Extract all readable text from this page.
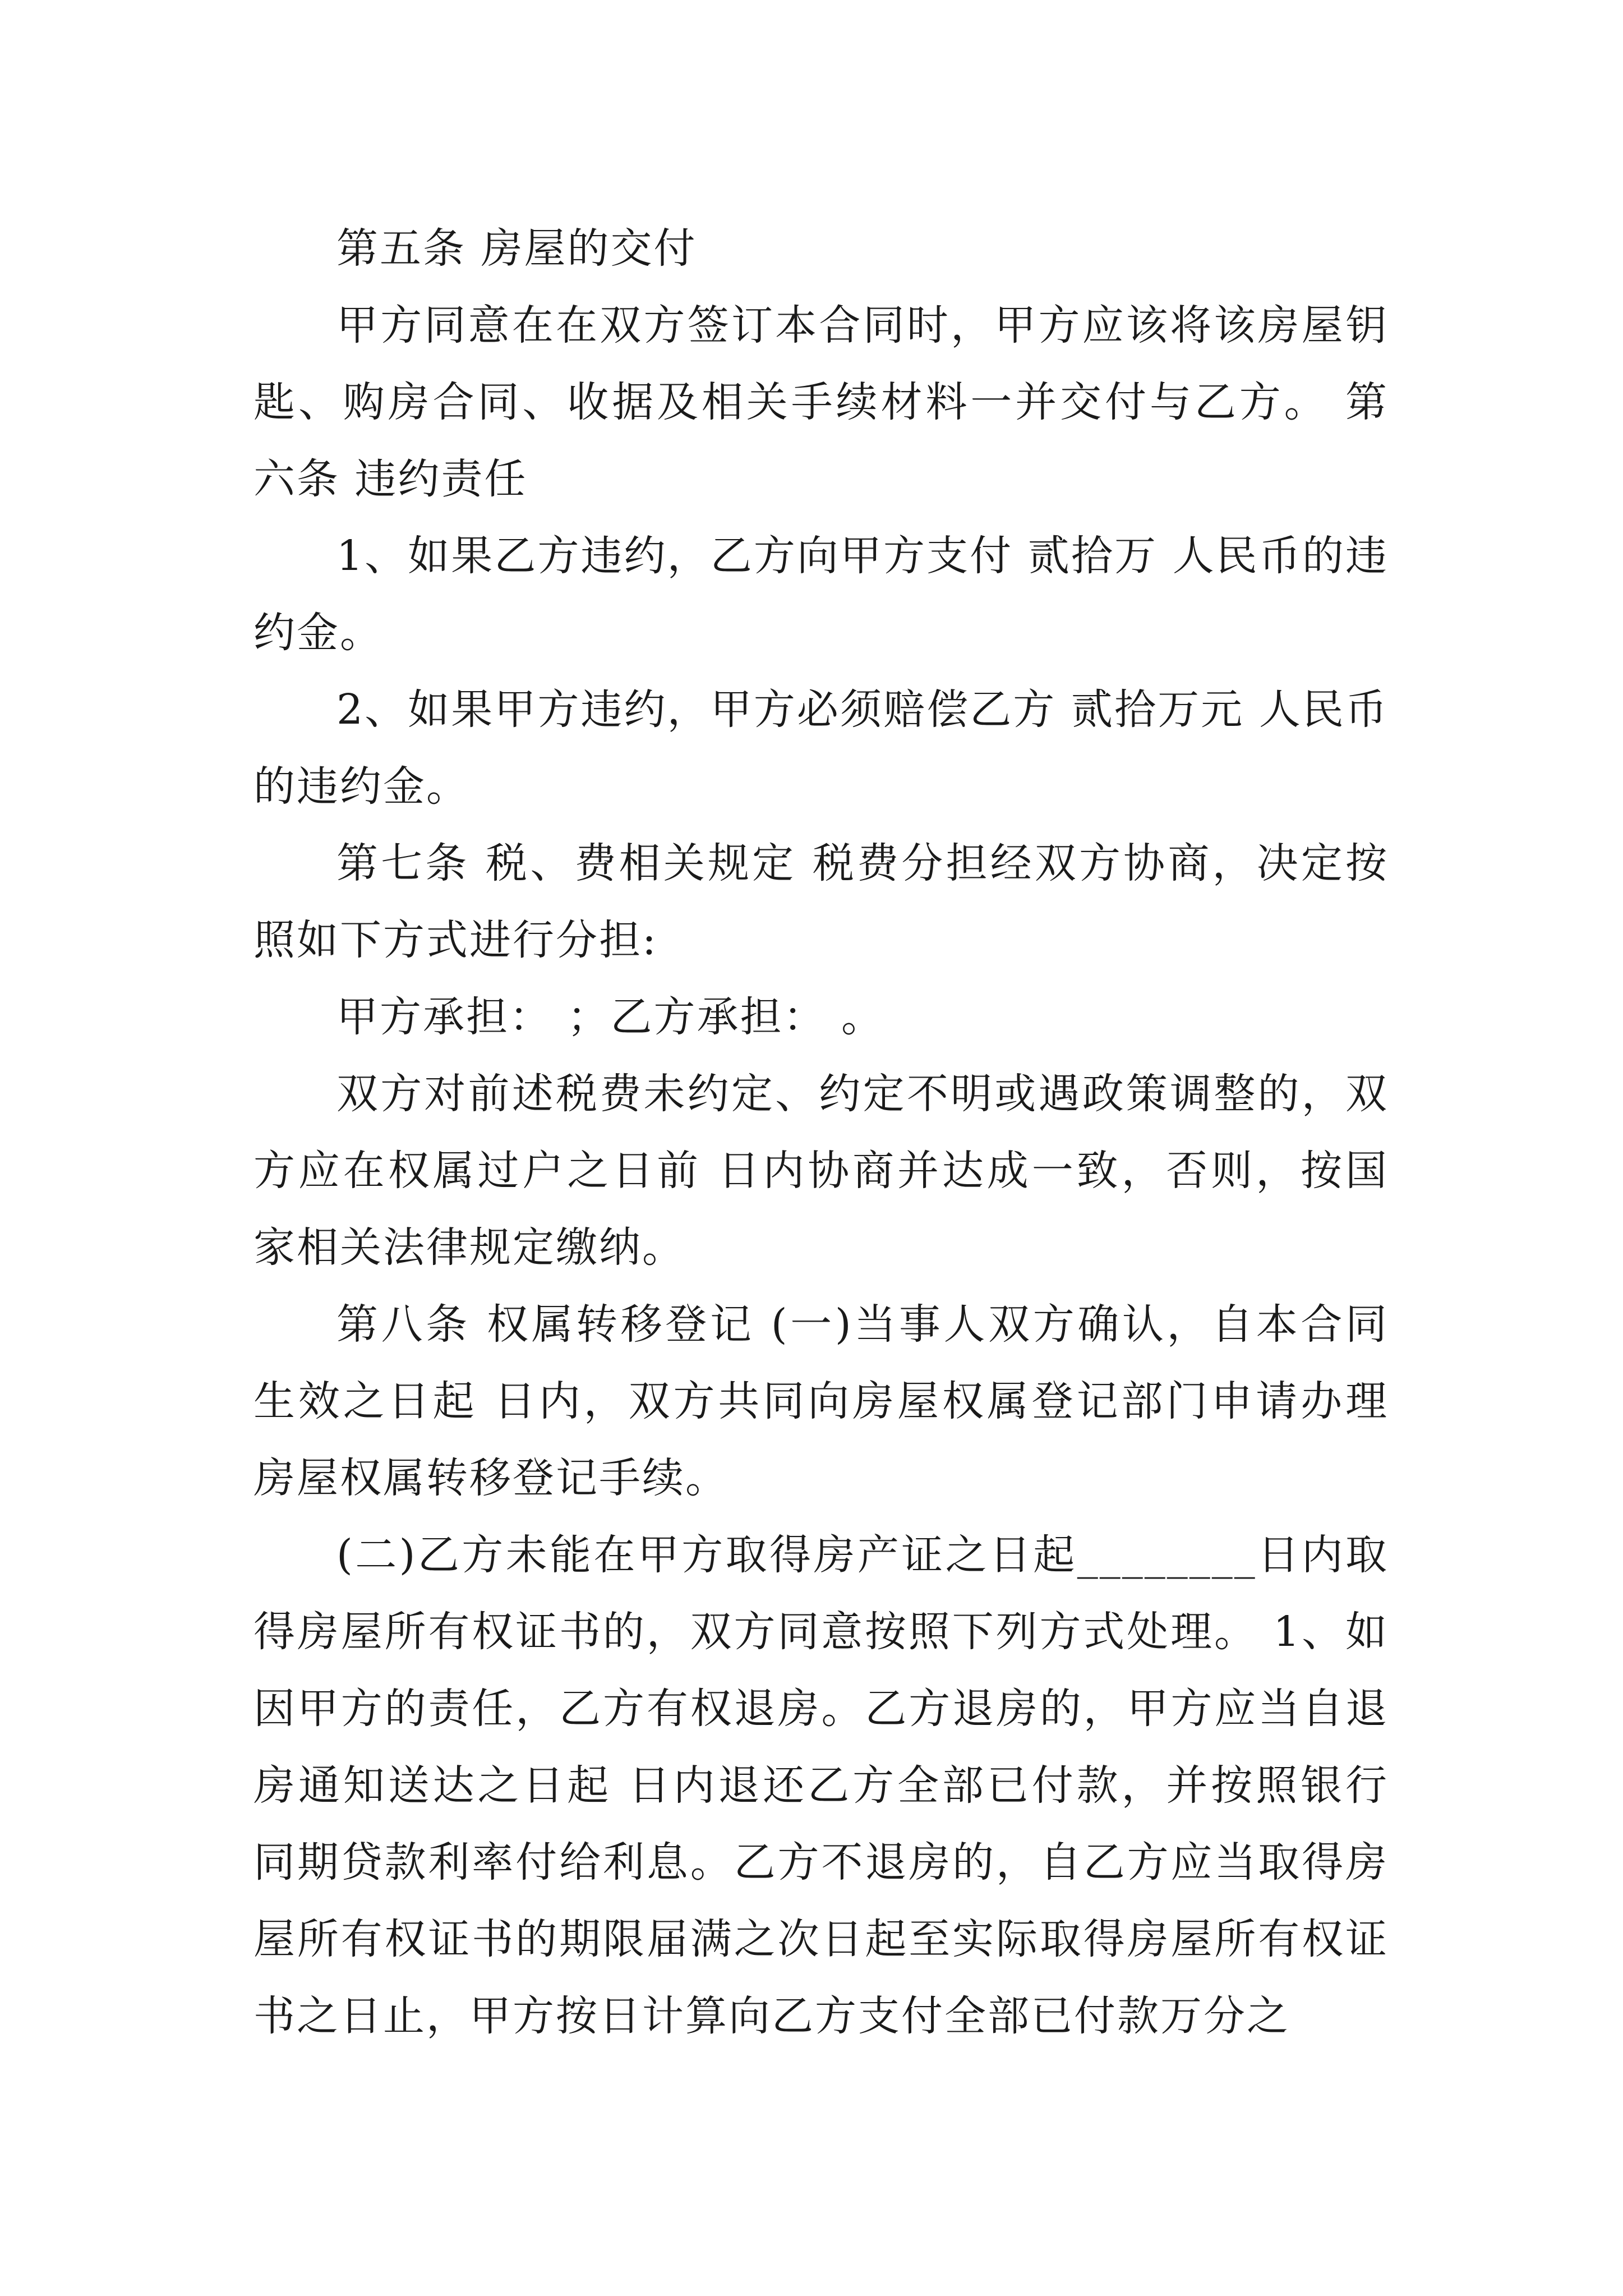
第五条 房屋的交付

甲方同意在在双方签订本合同时，甲方应该将该房屋钥匙、购房合同、收据及相关手续材料一并交付与乙方。 第六条 违约责任

1、如果乙方违约，乙方向甲方支付 贰拾万 人民币的违约金。

2、如果甲方违约，甲方必须赔偿乙方 贰拾万元 人民币的违约金。

第七条 税、费相关规定 税费分担经双方协商，决定按照如下方式进行分担:

甲方承担： ；乙方承担： 。

双方对前述税费未约定、约定不明或遇政策调整的，双方应在权属过户之日前 日内协商并达成一致，否则，按国家相关法律规定缴纳。

第八条 权属转移登记 (一)当事人双方确认，自本合同生效之日起 日内，双方共同向房屋权属登记部门申请办理房屋权属转移登记手续。

(二)乙方未能在甲方取得房产证之日起________日内取得房屋所有权证书的，双方同意按照下列方式处理。 1、如因甲方的责任，乙方有权退房。乙方退房的，甲方应当自退房通知送达之日起 日内退还乙方全部已付款，并按照银行同期贷款利率付给利息。乙方不退房的，自乙方应当取得房屋所有权证书的期限届满之次日起至实际取得房屋所有权证书之日止，甲方按日计算向乙方支付全部已付款万分之
